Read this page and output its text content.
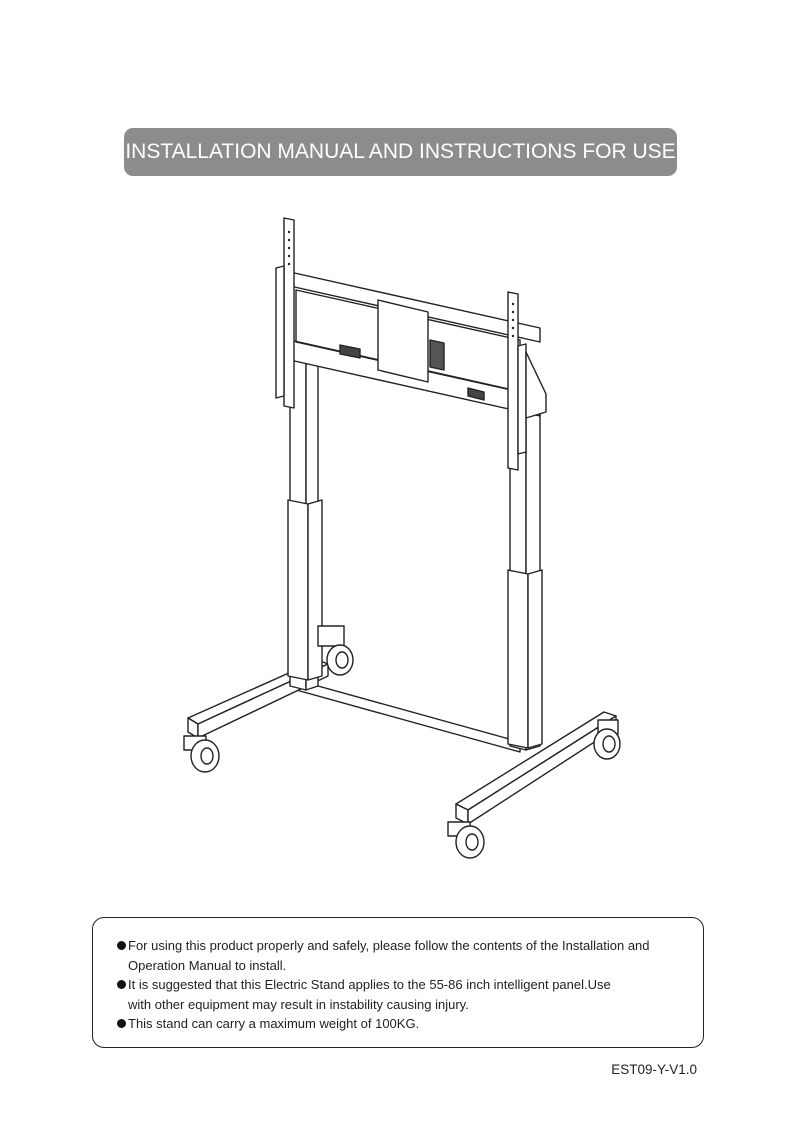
INSTALLATION MANUAL AND INSTRUCTIONS FOR USE
For using this product properly and safely, please follow the contents of the Installation and
Operation Manual to install.
It is suggested that this Electric Stand applies to the 55-86 inch intelligent panel.Use
with other equipment may result in instability causing injury.
This stand can carry a maximum weight of 100KG.
EST09-Y-V1.0
